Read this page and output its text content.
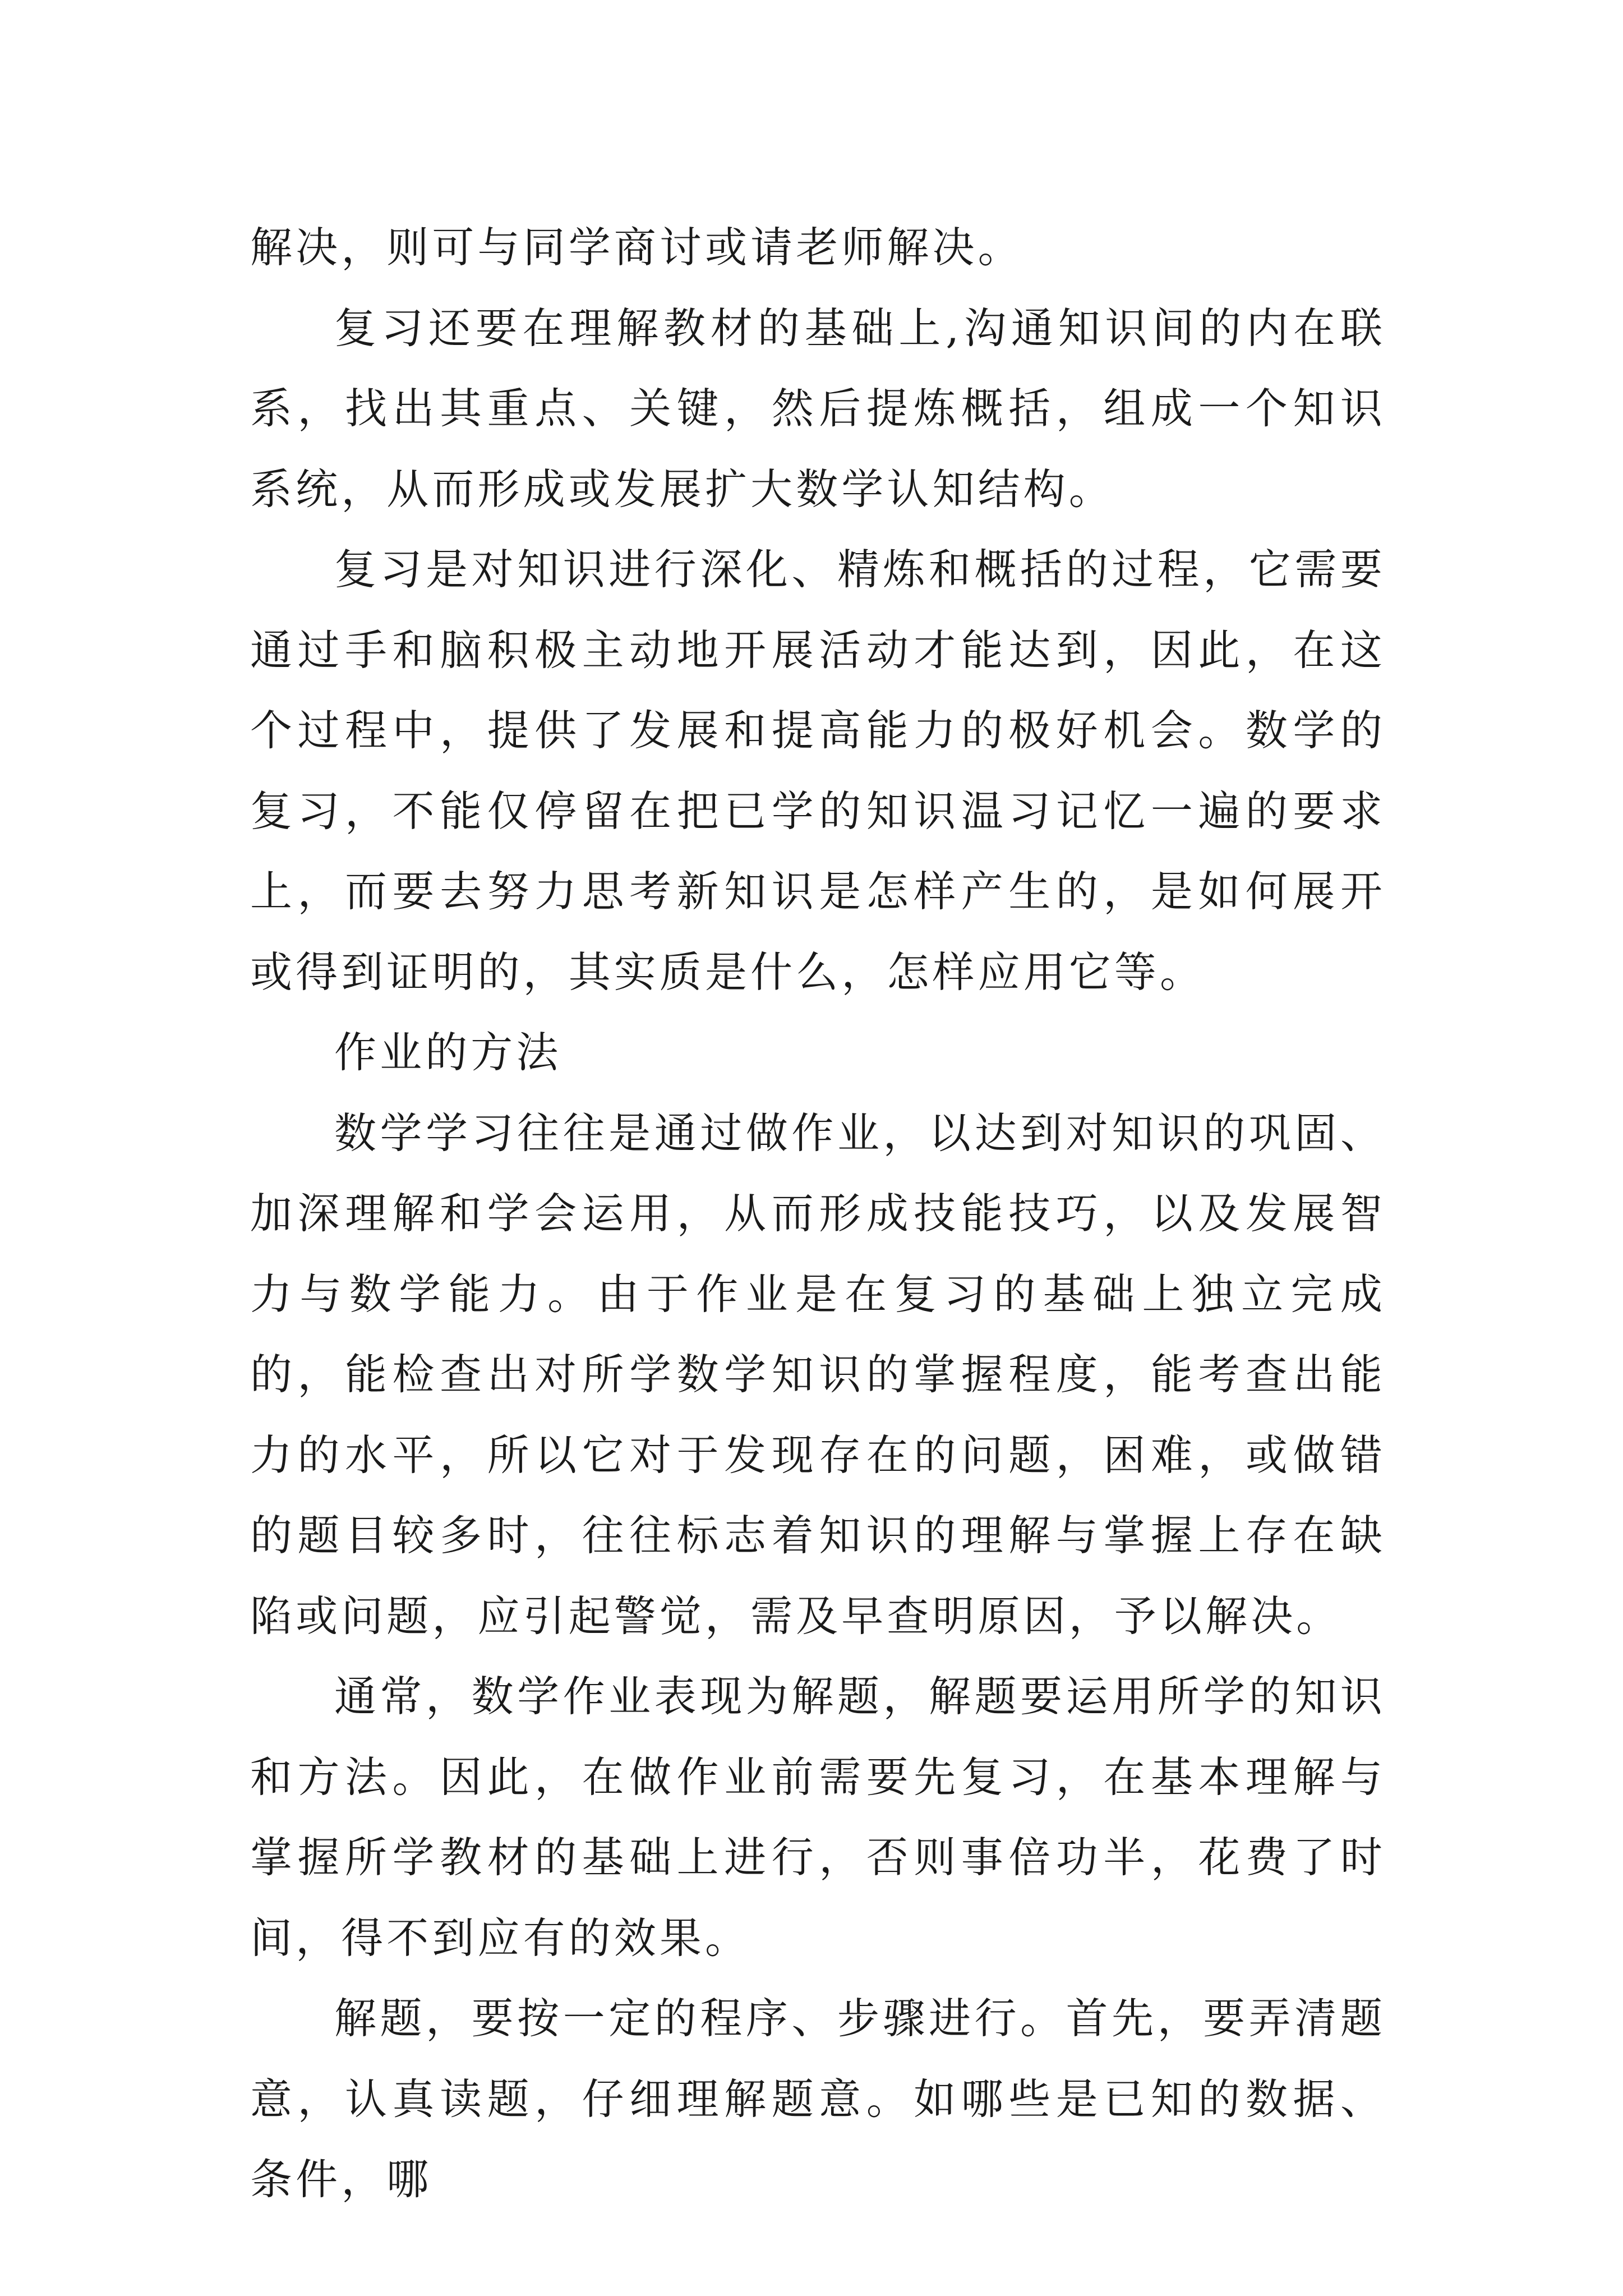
解决，则可与同学商讨或请老师解决。

复习还要在理解教材的基础上,沟通知识间的内在联系，找出其重点、关键，然后提炼概括，组成一个知识系统，从而形成或发展扩大数学认知结构。

复习是对知识进行深化、精炼和概括的过程，它需要通过手和脑积极主动地开展活动才能达到，因此，在这个过程中，提供了发展和提高能力的极好机会。数学的复习，不能仅停留在把已学的知识温习记忆一遍的要求上，而要去努力思考新知识是怎样产生的，是如何展开或得到证明的，其实质是什么，怎样应用它等。

作业的方法

数学学习往往是通过做作业，以达到对知识的巩固、加深理解和学会运用，从而形成技能技巧，以及发展智力与数学能力。由于作业是在复习的基础上独立完成的，能检查出对所学数学知识的掌握程度，能考查出能力的水平，所以它对于发现存在的问题，困难，或做错的题目较多时，往往标志着知识的理解与掌握上存在缺陷或问题，应引起警觉，需及早查明原因，予以解决。

通常，数学作业表现为解题，解题要运用所学的知识和方法。因此，在做作业前需要先复习，在基本理解与掌握所学教材的基础上进行，否则事倍功半，花费了时间，得不到应有的效果。

解题，要按一定的程序、步骤进行。首先，要弄清题意，认真读题，仔细理解题意。如哪些是已知的数据、条件，哪
